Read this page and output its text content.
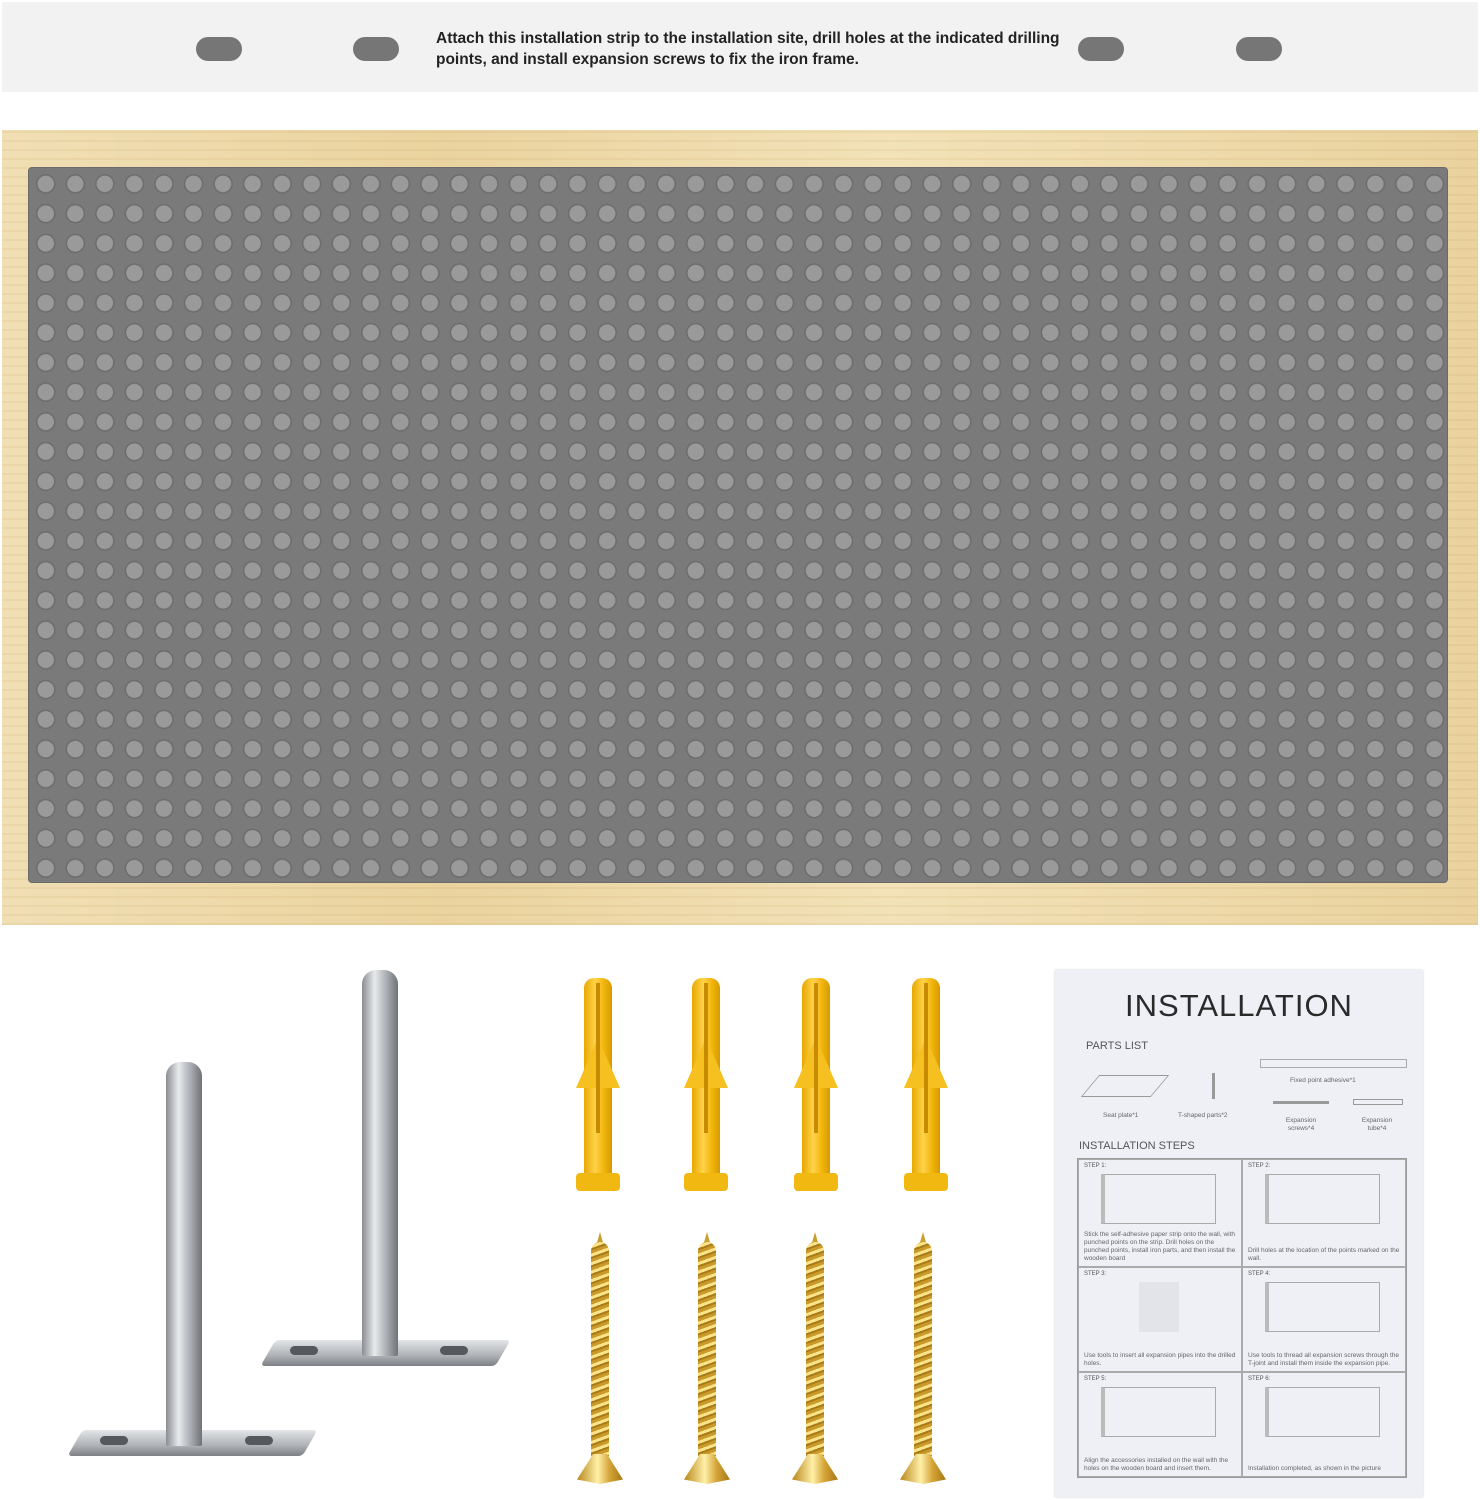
Attach this installation strip to the installation site, drill holes at the indicated drilling points, and install expansion screws to fix the iron frame.
INSTALLATION
PARTS LIST
Seat plate*1	T-shaped parts*2
Fixed point adhesive*1
Expansion screws*4
Expansion tube*4
INSTALLATION STEPS
STEP 1:
Stick the self-adhesive paper strip onto the wall, with punched points on the strip. Drill holes on the punched points, install iron parts, and then install the wooden board
STEP 2:
Drill holes at the location of the points marked on the wall.
STEP 3:
Use tools to insert all expansion pipes into the drilled holes.
STEP 4:
Use tools to thread all expansion screws through the T-joint and install them inside the expansion pipe.
STEP 5:
Align the accessories installed on the wall with the holes on the wooden board and insert them.
STEP 6:
Installation completed, as shown in the picture
